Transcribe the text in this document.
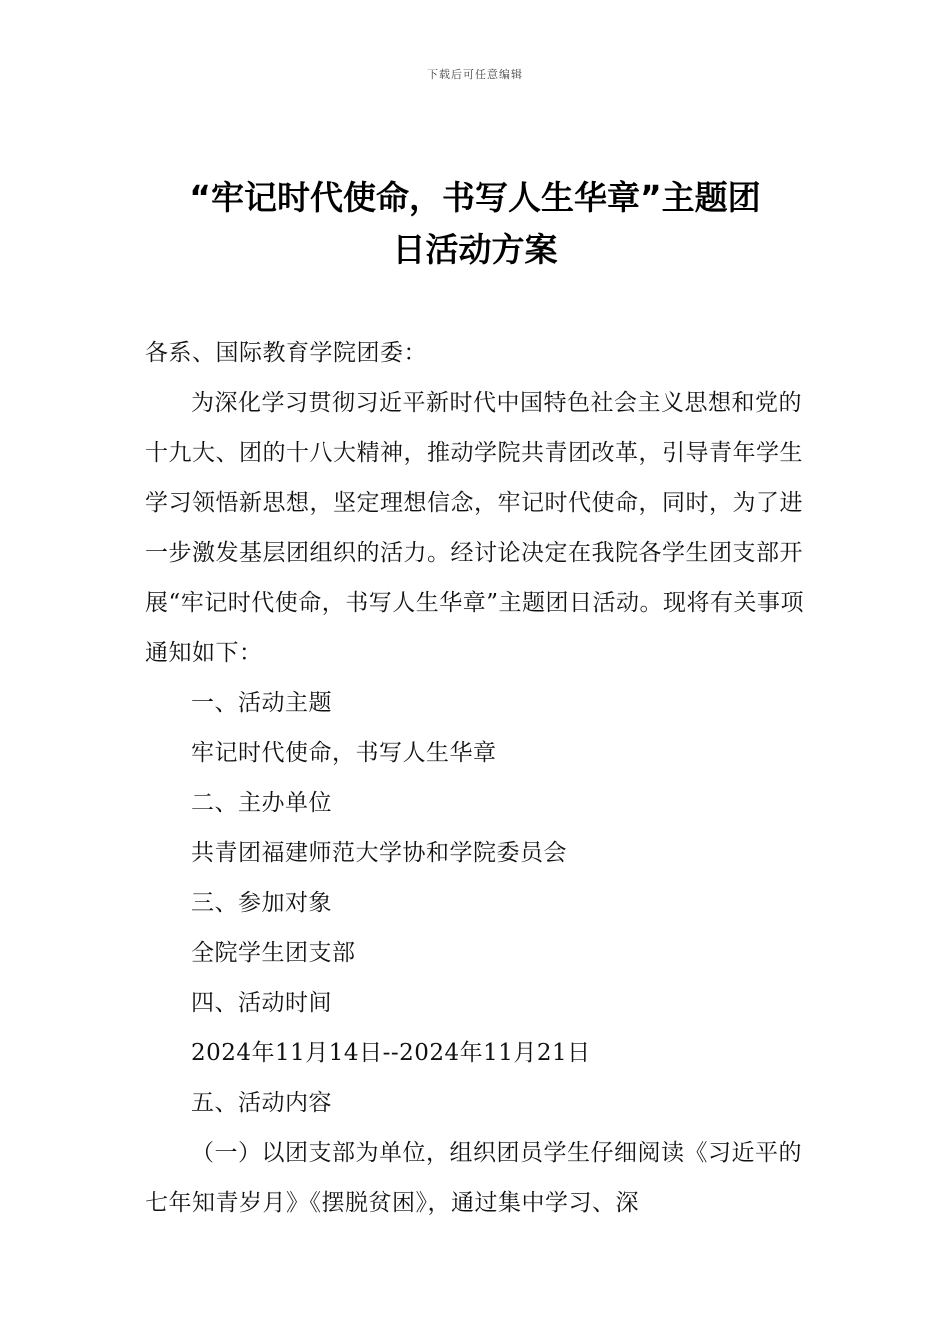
下载后可任意编辑
“牢记时代使命，书写人生华章”主题团
日活动方案

各系、国际教育学院团委：

为深化学习贯彻习近平新时代中国特色社会主义思想和党的十九大、团的十八大精神，推动学院共青团改革，引导青年学生学习领悟新思想，坚定理想信念，牢记时代使命，同时，为了进一步激发基层团组织的活力。经讨论决定在我院各学生团支部开展“牢记时代使命，书写人生华章”主题团日活动。现将有关事项通知如下：

一、活动主题

牢记时代使命，书写人生华章

二、主办单位

共青团福建师范大学协和学院委员会

三、参加对象

全院学生团支部

四、活动时间

2024年11月14日--2024年11月21日

五、活动内容

（一）以团支部为单位，组织团员学生仔细阅读《习近平的七年知青岁月》《摆脱贫困》，通过集中学习、深
